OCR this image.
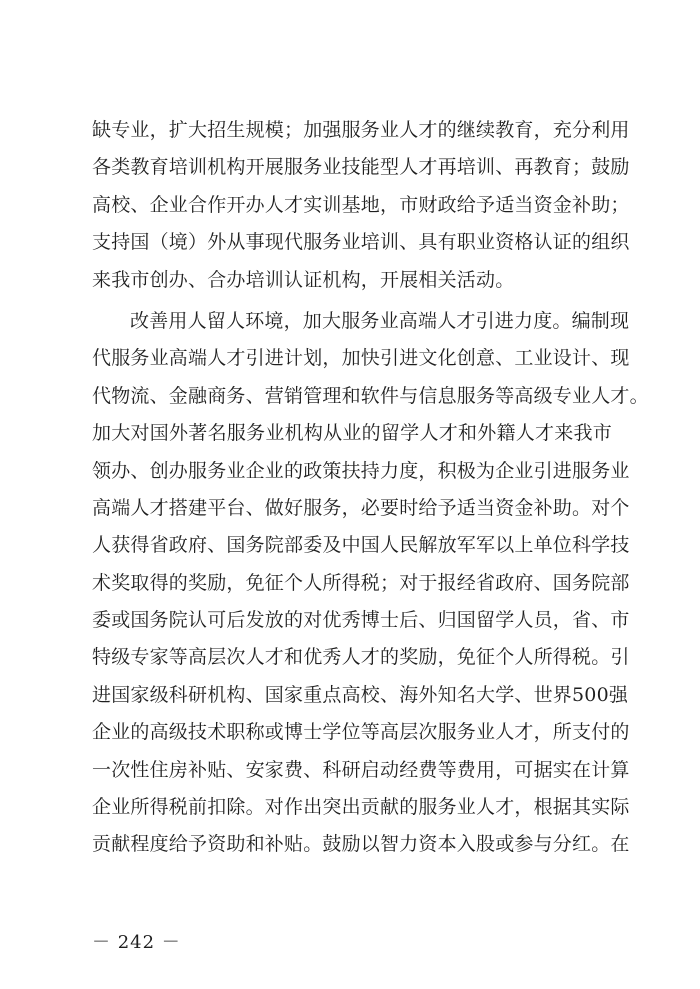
缺专业，扩大招生规模；加强服务业人才的继续教育，充分利用
各类教育培训机构开展服务业技能型人才再培训、再教育；鼓励
高校、企业合作开办人才实训基地，市财政给予适当资金补助；
支持国（境）外从事现代服务业培训、具有职业资格认证的组织
来我市创办、合办培训认证机构，开展相关活动。
改善用人留人环境，加大服务业高端人才引进力度。编制现
代服务业高端人才引进计划，加快引进文化创意、工业设计、现
代物流、金融商务、营销管理和软件与信息服务等高级专业人才。
加大对国外著名服务业机构从业的留学人才和外籍人才来我市
领办、创办服务业企业的政策扶持力度，积极为企业引进服务业
高端人才搭建平台、做好服务，必要时给予适当资金补助。对个
人获得省政府、国务院部委及中国人民解放军军以上单位科学技
术奖取得的奖励，免征个人所得税；对于报经省政府、国务院部
委或国务院认可后发放的对优秀博士后、归国留学人员，省、市
特级专家等高层次人才和优秀人才的奖励，免征个人所得税。引
进国家级科研机构、国家重点高校、海外知名大学、世界500强
企业的高级技术职称或博士学位等高层次服务业人才，所支付的
一次性住房补贴、安家费、科研启动经费等费用，可据实在计算
企业所得税前扣除。对作出突出贡献的服务业人才，根据其实际
贡献程度给予资助和补贴。鼓励以智力资本入股或参与分红。在
－ 242 －
